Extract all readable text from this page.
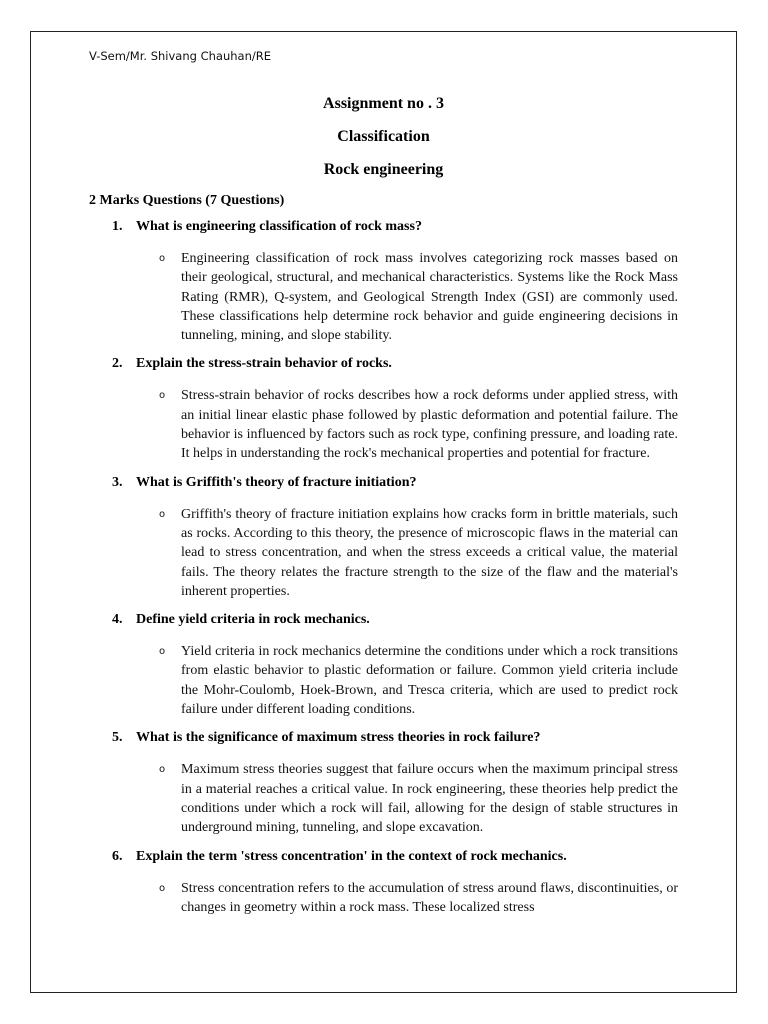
V-Sem/Mr. Shivang Chauhan/RE
Assignment no . 3
Classification
Rock engineering
2 Marks Questions (7 Questions)
1. What is engineering classification of rock mass?
o Engineering classification of rock mass involves categorizing rock masses based on their geological, structural, and mechanical characteristics. Systems like the Rock Mass Rating (RMR), Q-system, and Geological Strength Index (GSI) are commonly used. These classifications help determine rock behavior and guide engineering decisions in tunneling, mining, and slope stability.
2. Explain the stress-strain behavior of rocks.
o Stress-strain behavior of rocks describes how a rock deforms under applied stress, with an initial linear elastic phase followed by plastic deformation and potential failure. The behavior is influenced by factors such as rock type, confining pressure, and loading rate. It helps in understanding the rock's mechanical properties and potential for fracture.
3. What is Griffith's theory of fracture initiation?
o Griffith's theory of fracture initiation explains how cracks form in brittle materials, such as rocks. According to this theory, the presence of microscopic flaws in the material can lead to stress concentration, and when the stress exceeds a critical value, the material fails. The theory relates the fracture strength to the size of the flaw and the material's inherent properties.
4. Define yield criteria in rock mechanics.
o Yield criteria in rock mechanics determine the conditions under which a rock transitions from elastic behavior to plastic deformation or failure. Common yield criteria include the Mohr-Coulomb, Hoek-Brown, and Tresca criteria, which are used to predict rock failure under different loading conditions.
5. What is the significance of maximum stress theories in rock failure?
o Maximum stress theories suggest that failure occurs when the maximum principal stress in a material reaches a critical value. In rock engineering, these theories help predict the conditions under which a rock will fail, allowing for the design of stable structures in underground mining, tunneling, and slope excavation.
6. Explain the term 'stress concentration' in the context of rock mechanics.
o Stress concentration refers to the accumulation of stress around flaws, discontinuities, or changes in geometry within a rock mass. These localized stress
